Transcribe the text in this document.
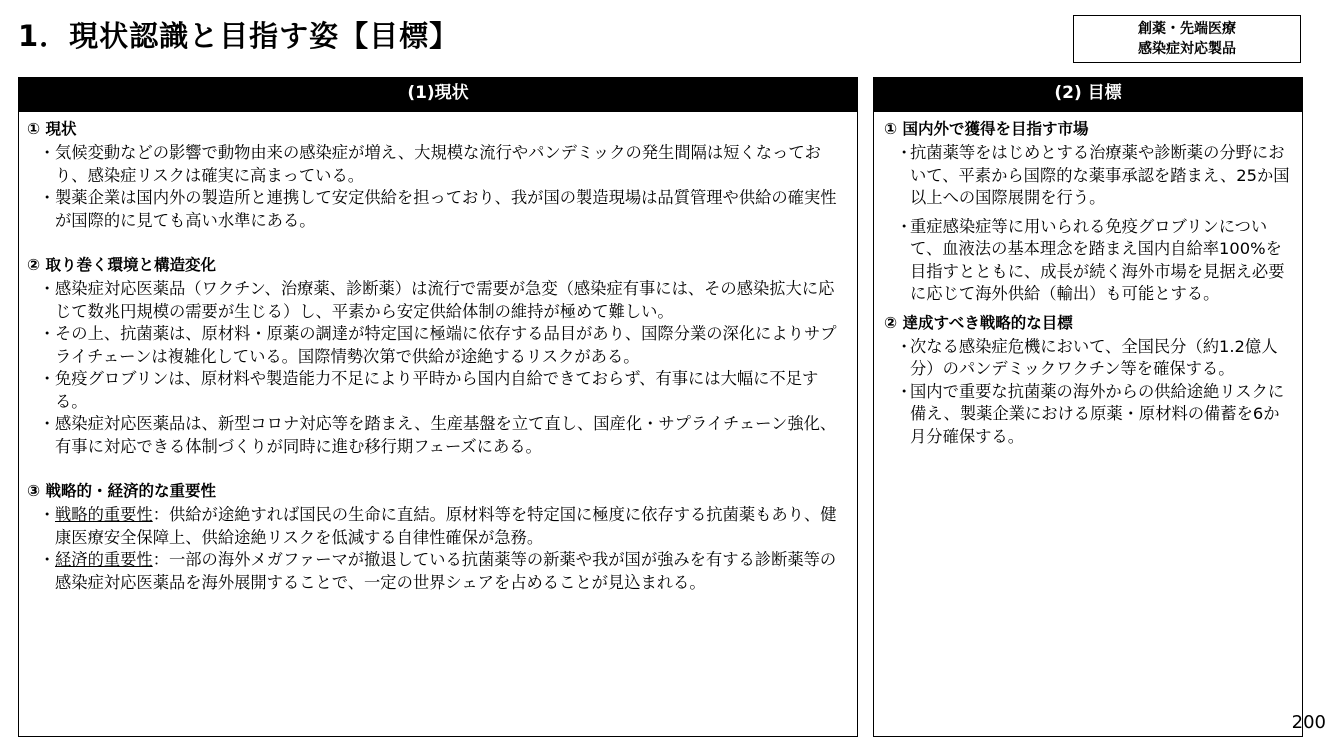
1．現状認識と目指す姿【目標】	創薬・先端医療
感染症対応製品
(1)現状
① 現状
・ 気候変動などの影響で動物由来の感染症が増え、大規模な流行やパンデミックの発生間隔は短くなっており、感染症リスクは確実に高まっている。
・ 製薬企業は国内外の製造所と連携して安定供給を担っており、我が国の製造現場は品質管理や供給の確実性が国際的に見ても高い水準にある。
② 取り巻く環境と構造変化
・ 感染症対応医薬品（ワクチン、治療薬、診断薬）は流行で需要が急変（感染症有事には、その感染拡大に応じて数兆円規模の需要が生じる）し、平素から安定供給体制の維持が極めて難しい。
・ その上、抗菌薬は、原材料・原薬の調達が特定国に極端に依存する品目があり、国際分業の深化によりサプライチェーンは複雑化している。国際情勢次第で供給が途絶するリスクがある。
・ 免疫グロブリンは、原材料や製造能力不足により平時から国内自給できておらず、有事には大幅に不足する。
・ 感染症対応医薬品は、新型コロナ対応等を踏まえ、生産基盤を立て直し、国産化・サプライチェーン強化、有事に対応できる体制づくりが同時に進む移行期フェーズにある。
③ 戦略的・経済的な重要性
・ 戦略的重要性：供給が途絶すれば国民の生命に直結。原材料等を特定国に極度に依存する抗菌薬もあり、健康医療安全保障上、供給途絶リスクを低減する自律性確保が急務。
・ 経済的重要性：一部の海外メガファーマが撤退している抗菌薬等の新薬や我が国が強みを有する診断薬等の感染症対応医薬品を海外展開することで、一定の世界シェアを占めることが見込まれる。
(2) 目標
① 国内外で獲得を目指す市場
・
抗菌薬等をはじめとする治療薬や診断薬の分野において、平素から国際的な薬事承認を踏まえ、25か国以上への国際展開を行う。
・
重症感染症等に用いられる免疫グロブリンについて、血液法の基本理念を踏まえ国内自給率100%を目指すとともに、成長が続く海外市場を見据え必要に応じて海外供給（輸出）も可能とする。
② 達成すべき戦略的な目標
・
次なる感染症危機において、全国民分（約1.2億人分）のパンデミックワクチン等を確保する。
・
国内で重要な抗菌薬の海外からの供給途絶リスクに備え、製薬企業における原薬・原材料の備蓄を6か月分確保する。
200
